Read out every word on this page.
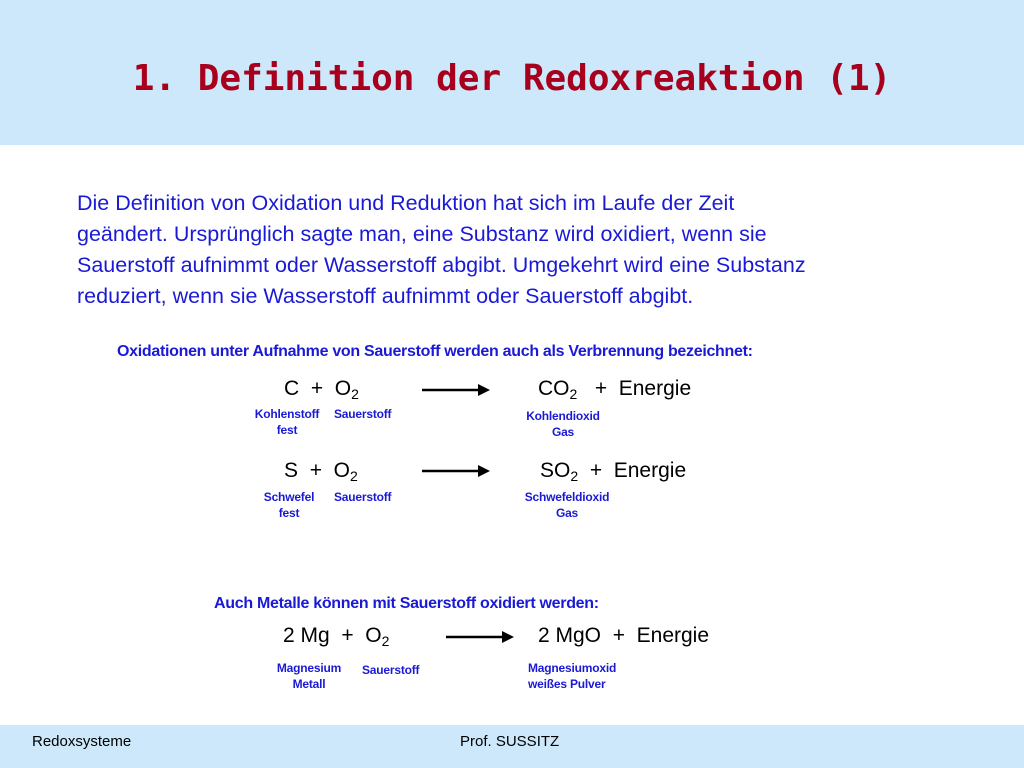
1. Definition der Redoxreaktion (1)
Die Definition von Oxidation und Reduktion hat sich im Laufe der Zeit
geändert. Ursprünglich sagte man, eine Substanz wird oxidiert, wenn sie
Sauerstoff aufnimmt oder Wasserstoff abgibt. Umgekehrt wird eine Substanz
reduziert, wenn sie Wasserstoff aufnimmt oder Sauerstoff abgibt.
Oxidationen unter Aufnahme von Sauerstoff werden auch als Verbrennung bezeichnet:
$C + O_2$	$CO_2$ + Energie
Kohlenstoff
fest
Sauerstoff	Kohlendioxid
Gas
$S + O_2$	$SO_2$ + Energie
Schwefel
fest
Sauerstoff	Schwefeldioxid
Gas
Auch Metalle können mit Sauerstoff oxidiert werden:
2 $Mg + O_2$	2 MgO + Energie
Magnesium
Metall
Sauerstoff	Magnesiumoxid
weißes Pulver
Redoxsysteme	Prof. SUSSITZ
